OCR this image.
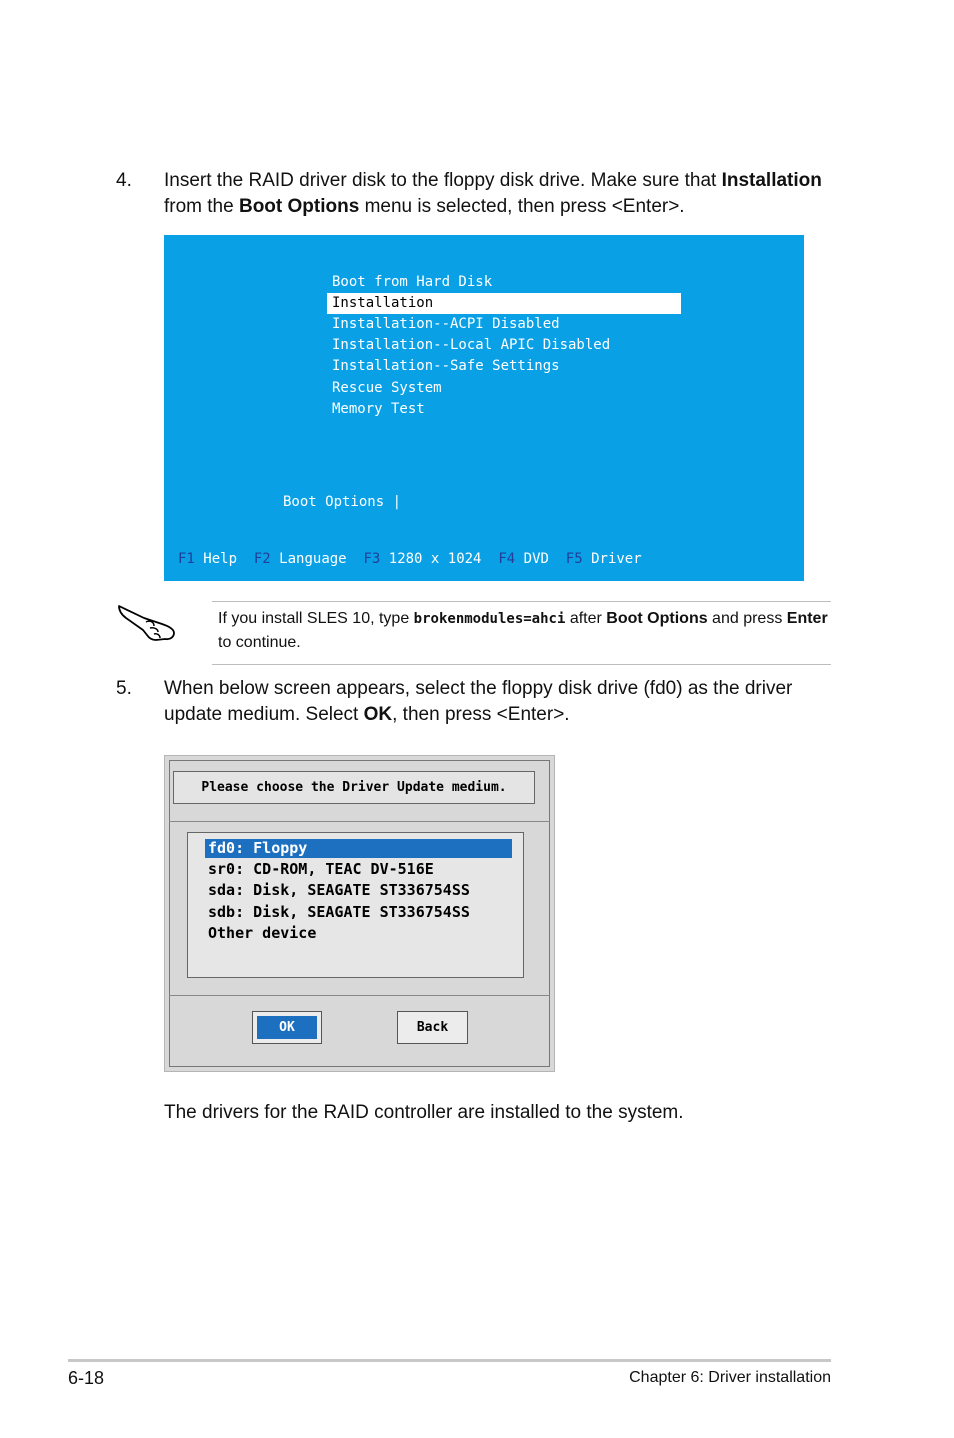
4. Insert the RAID driver disk to the floppy disk drive. Make sure that Installation from the Boot Options menu is selected, then press <Enter>.
Boot from Hard Disk
Installation
Installation--ACPI Disabled
Installation--Local APIC Disabled
Installation--Safe Settings
Rescue System
Memory Test
Boot Options |
F1 Help F2 Language F3 1280 x 1024 F4 DVD F5 Driver
If you install SLES 10, type brokenmodules=ahci after Boot Options and press Enter to continue.
5. When below screen appears, select the floppy disk drive (fd0) as the driver update medium. Select OK, then press <Enter>.
Please choose the Driver Update medium.
fd0: Floppy
sr0: CD-ROM, TEAC DV-516E
sda: Disk, SEAGATE ST336754SS
sdb: Disk, SEAGATE ST336754SS
Other device
OK	Back
The drivers for the RAID controller are installed to the system.
6-18	Chapter 6: Driver installation
